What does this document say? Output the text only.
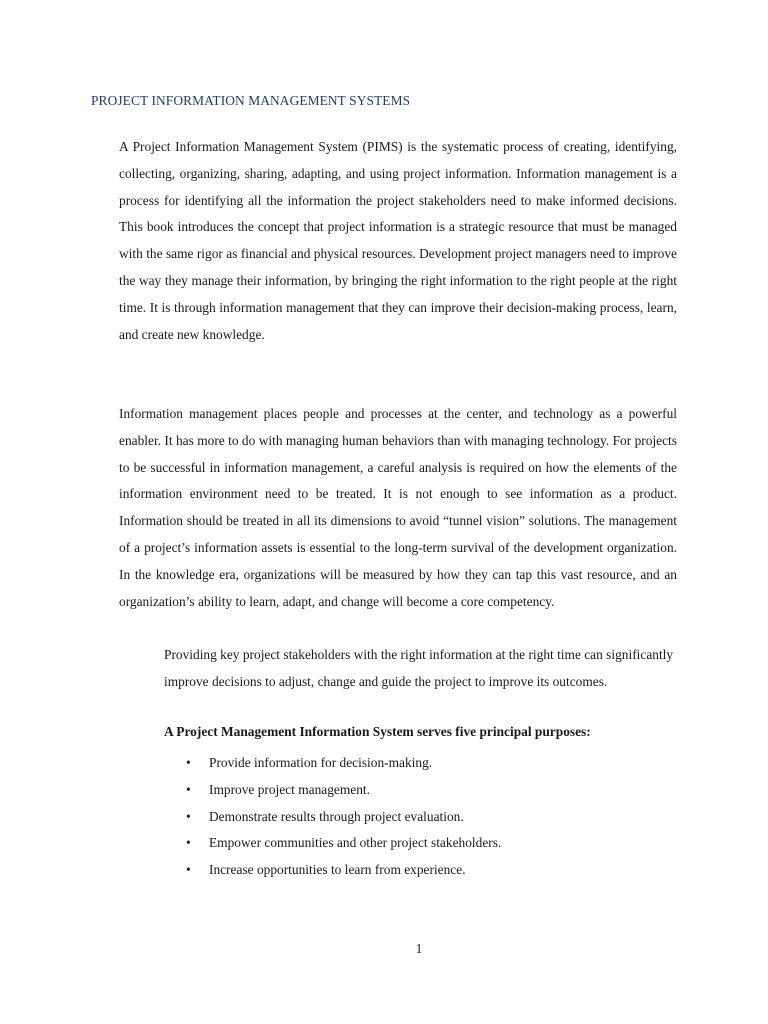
PROJECT INFORMATION MANAGEMENT SYSTEMS

A Project Information Management System (PIMS) is the systematic process of creating, identifying, collecting, organizing, sharing, adapting, and using project information. Information management is a process for identifying all the information the project stakeholders need to make informed decisions. This book introduces the concept that project information is a strategic resource that must be managed with the same rigor as financial and physical resources. Development project managers need to improve the way they manage their information, by bringing the right information to the right people at the right time. It is through information management that they can improve their decision-making process, learn, and create new knowledge.

Information management places people and processes at the center, and technology as a powerful enabler. It has more to do with managing human behaviors than with managing technology. For projects to be successful in information management, a careful analysis is required on how the elements of the information environment need to be treated. It is not enough to see information as a product. Information should be treated in all its dimensions to avoid “tunnel vision” solutions. The management of a project’s information assets is essential to the long-term survival of the development organization. In the knowledge era, organizations will be measured by how they can tap this vast resource, and an organization’s ability to learn, adapt, and change will become a core competency.

Providing key project stakeholders with the right information at the right time can significantly improve decisions to adjust, change and guide the project to improve its outcomes.

A Project Management Information System serves five principal purposes:

• Provide information for decision-making.
• Improve project management.
• Demonstrate results through project evaluation.
• Empower communities and other project stakeholders.
• Increase opportunities to learn from experience.

1
